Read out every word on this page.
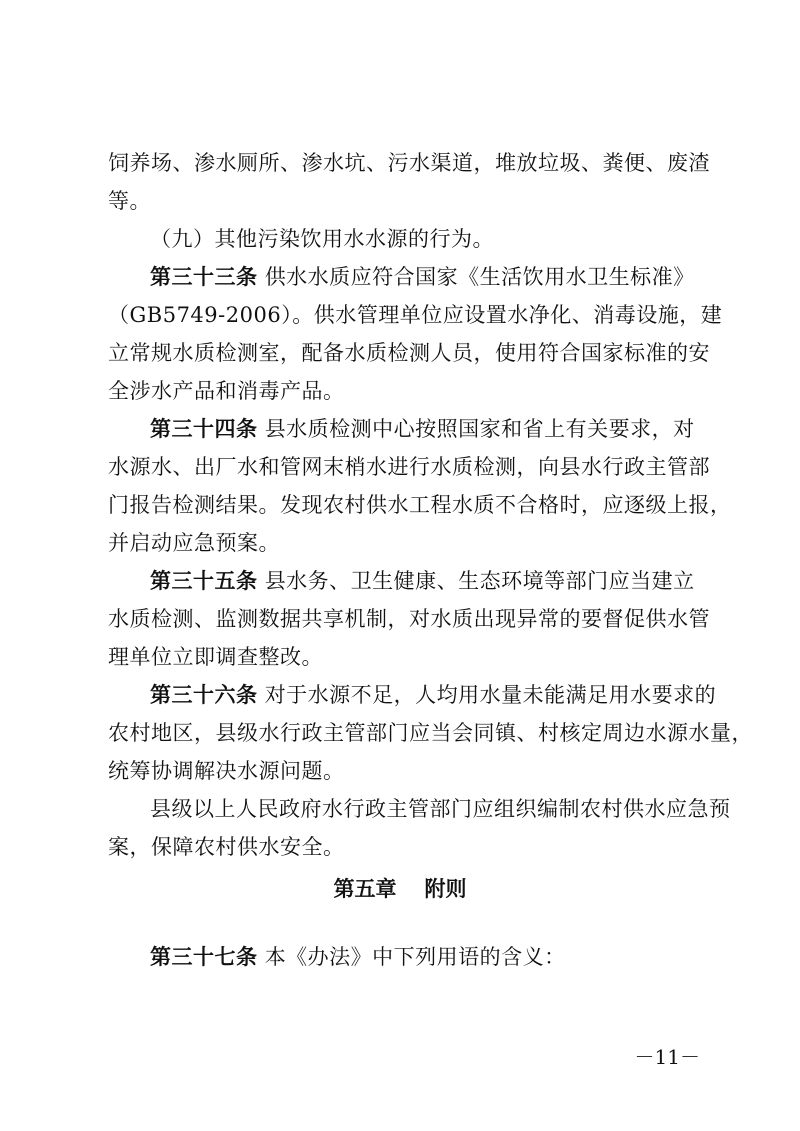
饲养场、渗水厕所、渗水坑、污水渠道，堆放垃圾、粪便、废渣
等。
（九）其他污染饮用水水源的行为。
第三十三条 供水水质应符合国家《生活饮用水卫生标准》
（GB5749-2006）。供水管理单位应设置水净化、消毒设施，建
立常规水质检测室，配备水质检测人员，使用符合国家标准的安
全涉水产品和消毒产品。
第三十四条 县水质检测中心按照国家和省上有关要求，对
水源水、出厂水和管网末梢水进行水质检测，向县水行政主管部
门报告检测结果。发现农村供水工程水质不合格时，应逐级上报，
并启动应急预案。
第三十五条 县水务、卫生健康、生态环境等部门应当建立
水质检测、监测数据共享机制，对水质出现异常的要督促供水管
理单位立即调查整改。
第三十六条 对于水源不足，人均用水量未能满足用水要求的
农村地区，县级水行政主管部门应当会同镇、村核定周边水源水量，
统筹协调解决水源问题。
县级以上人民政府水行政主管部门应组织编制农村供水应急预
案，保障农村供水安全。
第五章 附则
第三十七条 本《办法》中下列用语的含义：
－11－
